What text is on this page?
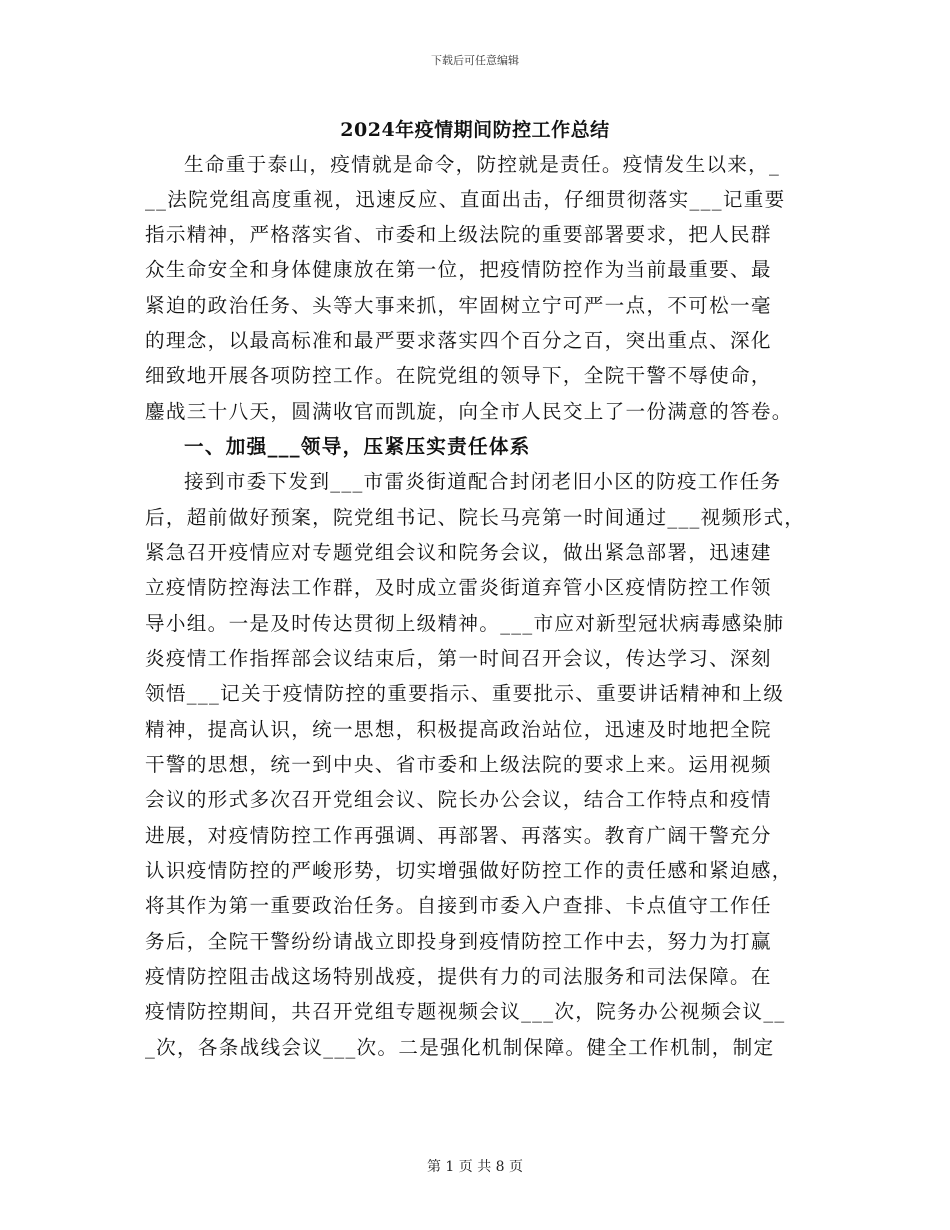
下载后可任意编辑
2024年疫情期间防控工作总结
生命重于泰山，疫情就是命令，防控就是责任。疫情发生以来，_
__法院党组高度重视，迅速反应、直面出击，仔细贯彻落实___记重要
指示精神，严格落实省、市委和上级法院的重要部署要求，把人民群
众生命安全和身体健康放在第一位，把疫情防控作为当前最重要、最
紧迫的政治任务、头等大事来抓，牢固树立宁可严一点，不可松一毫
的理念，以最高标准和最严要求落实四个百分之百，突出重点、深化
细致地开展各项防控工作。在院党组的领导下，全院干警不辱使命，
鏖战三十八天，圆满收官而凯旋，向全市人民交上了一份满意的答卷。
一、加强___领导，压紧压实责任体系
接到市委下发到___市雷炎街道配合封闭老旧小区的防疫工作任务
后，超前做好预案，院党组书记、院长马亮第一时间通过___视频形式，
紧急召开疫情应对专题党组会议和院务会议，做出紧急部署，迅速建
立疫情防控海法工作群，及时成立雷炎街道弃管小区疫情防控工作领
导小组。一是及时传达贯彻上级精神。___市应对新型冠状病毒感染肺
炎疫情工作指挥部会议结束后，第一时间召开会议，传达学习、深刻
领悟___记关于疫情防控的重要指示、重要批示、重要讲话精神和上级
精神，提高认识，统一思想，积极提高政治站位，迅速及时地把全院
干警的思想，统一到中央、省市委和上级法院的要求上来。运用视频
会议的形式多次召开党组会议、院长办公会议，结合工作特点和疫情
进展，对疫情防控工作再强调、再部署、再落实。教育广阔干警充分
认识疫情防控的严峻形势，切实增强做好防控工作的责任感和紧迫感，
将其作为第一重要政治任务。自接到市委入户查排、卡点值守工作任
务后，全院干警纷纷请战立即投身到疫情防控工作中去，努力为打赢
疫情防控阻击战这场特别战疫，提供有力的司法服务和司法保障。在
疫情防控期间，共召开党组专题视频会议___次，院务办公视频会议__
_次，各条战线会议___次。二是强化机制保障。健全工作机制，制定
第 1 页 共 8 页
